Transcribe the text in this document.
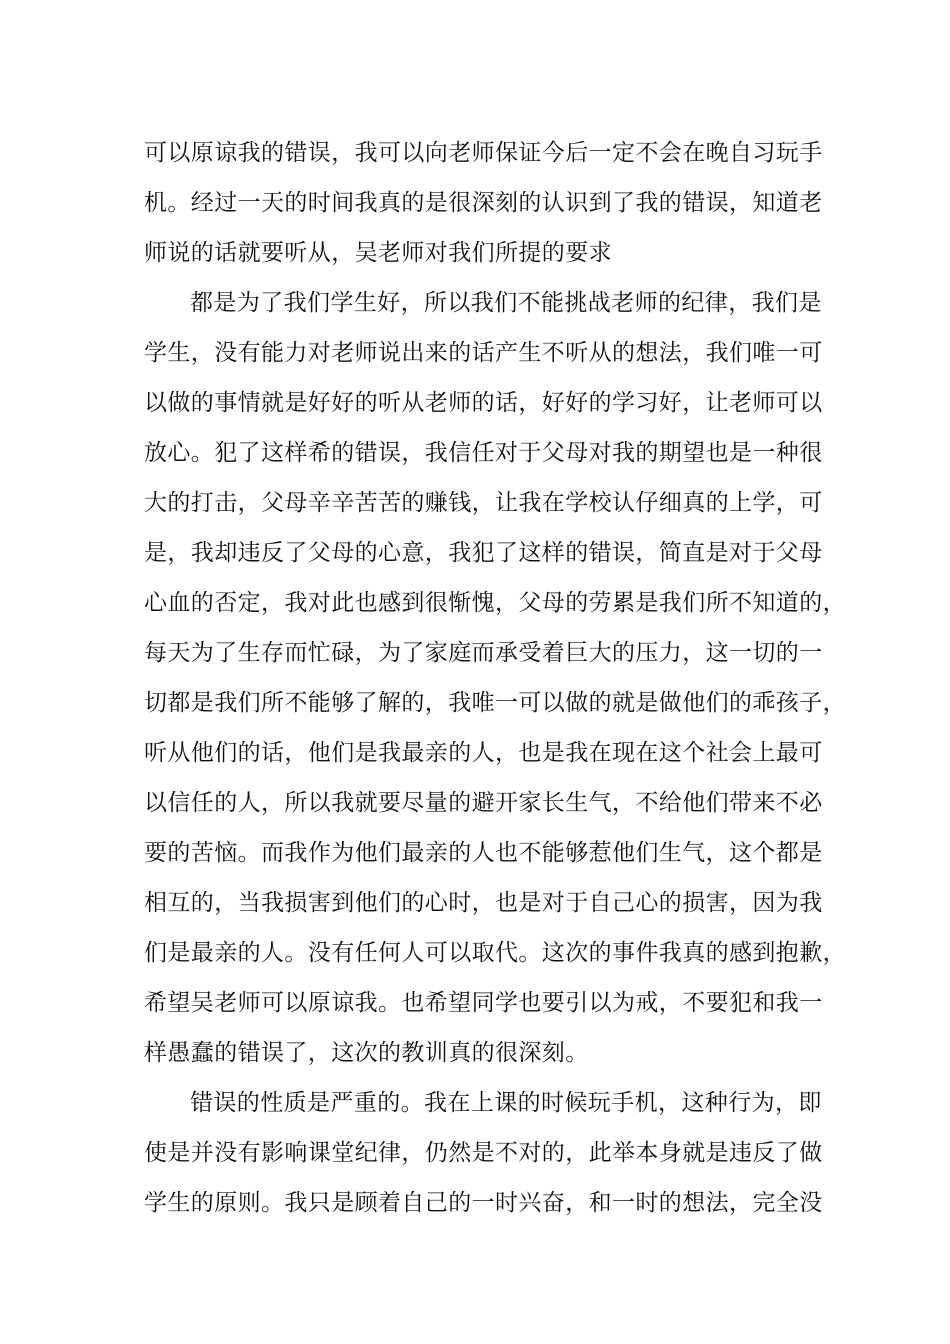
可以原谅我的错误，我可以向老师保证今后一定不会在晚自习玩手
机。经过一天的时间我真的是很深刻的认识到了我的错误，知道老
师说的话就要听从，吴老师对我们所提的要求
都是为了我们学生好，所以我们不能挑战老师的纪律，我们是
学生，没有能力对老师说出来的话产生不听从的想法，我们唯一可
以做的事情就是好好的听从老师的话，好好的学习好，让老师可以
放心。犯了这样希的错误，我信任对于父母对我的期望也是一种很
大的打击，父母辛辛苦苦的赚钱，让我在学校认仔细真的上学，可
是，我却违反了父母的心意，我犯了这样的错误，简直是对于父母
心血的否定，我对此也感到很惭愧，父母的劳累是我们所不知道的，
每天为了生存而忙碌，为了家庭而承受着巨大的压力，这一切的一
切都是我们所不能够了解的，我唯一可以做的就是做他们的乖孩子，
听从他们的话，他们是我最亲的人，也是我在现在这个社会上最可
以信任的人，所以我就要尽量的避开家长生气，不给他们带来不必
要的苦恼。而我作为他们最亲的人也不能够惹他们生气，这个都是
相互的，当我损害到他们的心时，也是对于自己心的损害，因为我
们是最亲的人。没有任何人可以取代。这次的事件我真的感到抱歉，
希望吴老师可以原谅我。也希望同学也要引以为戒，不要犯和我一
样愚蠢的错误了，这次的教训真的很深刻。
错误的性质是严重的。我在上课的时候玩手机，这种行为，即
使是并没有影响课堂纪律，仍然是不对的，此举本身就是违反了做
学生的原则。我只是顾着自己的一时兴奋，和一时的想法，完全没
